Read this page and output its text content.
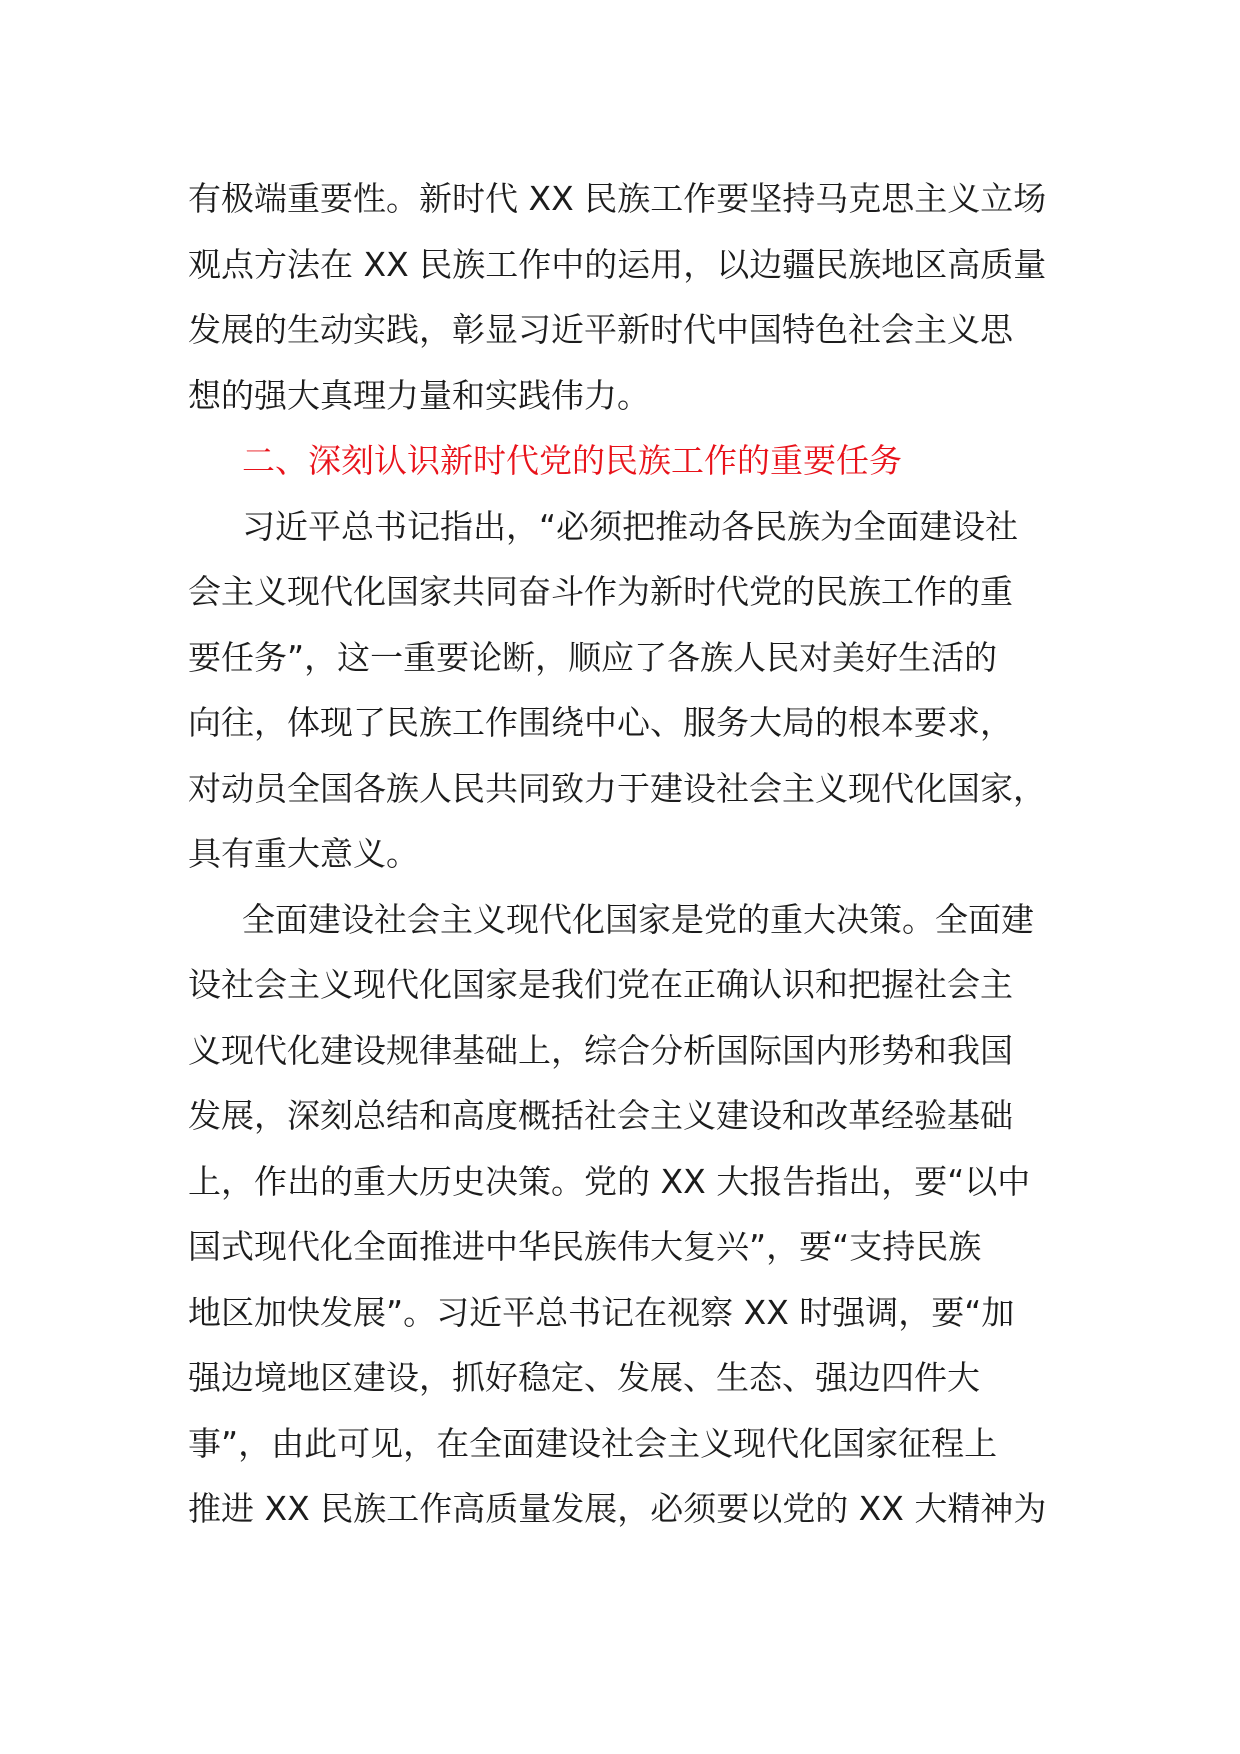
有极端重要性。新时代 XX 民族工作要坚持马克思主义立场
观点方法在 XX 民族工作中的运用，以边疆民族地区高质量
发展的生动实践，彰显习近平新时代中国特色社会主义思
想的强大真理力量和实践伟力。
二、深刻认识新时代党的民族工作的重要任务
习近平总书记指出，“必须把推动各民族为全面建设社
会主义现代化国家共同奋斗作为新时代党的民族工作的重
要任务”，这一重要论断，顺应了各族人民对美好生活的
向往，体现了民族工作围绕中心、服务大局的根本要求，
对动员全国各族人民共同致力于建设社会主义现代化国家，
具有重大意义。
全面建设社会主义现代化国家是党的重大决策。全面建
设社会主义现代化国家是我们党在正确认识和把握社会主
义现代化建设规律基础上，综合分析国际国内形势和我国
发展，深刻总结和高度概括社会主义建设和改革经验基础
上，作出的重大历史决策。党的 XX 大报告指出，要“以中
国式现代化全面推进中华民族伟大复兴”，要“支持民族
地区加快发展”。习近平总书记在视察 XX 时强调，要“加
强边境地区建设，抓好稳定、发展、生态、强边四件大
事”，由此可见，在全面建设社会主义现代化国家征程上
推进 XX 民族工作高质量发展，必须要以党的 XX 大精神为
